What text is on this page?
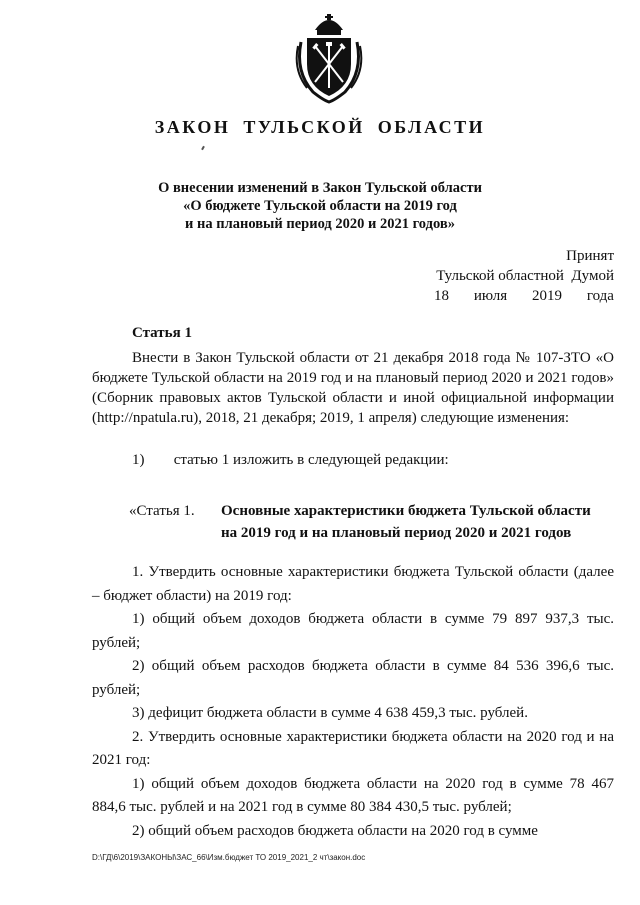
ЗАКОН ТУЛЬСКОЙ ОБЛАСТИ
О внесении изменений в Закон Тульской области
«О бюджете Тульской области на 2019 год
и на плановый период 2020 и 2021 годов»
Принят
Тульской областной  Думой
18 июля 2019 года
Статья 1
Внести в Закон Тульской области от 21 декабря 2018 года № 107-ЗТО «О бюджете Тульской области на 2019 год и на плановый период 2020 и 2021 годов» (Сборник правовых актов Тульской области и иной официальной информации (http://npatula.ru), 2018, 21 декабря; 2019, 1 апреля) следующие изменения:
1) статью 1 изложить в следующей редакции:
«Статья 1. Основные характеристики бюджета Тульской области
на 2019 год и на плановый период 2020 и 2021 годов

1. Утвердить основные характеристики бюджета Тульской области (далее – бюджет области) на 2019 год:

1) общий объем доходов бюджета области в сумме 79 897 937,3 тыс. рублей;

2) общий объем расходов бюджета области в сумме 84 536 396,6 тыс. рублей;

3) дефицит бюджета области в сумме 4 638 459,3 тыс. рублей.

2. Утвердить основные характеристики бюджета области на 2020 год и на 2021 год:

1) общий объем доходов бюджета области на 2020 год в сумме 78 467 884,6 тыс. рублей и на 2021 год в сумме 80 384 430,5 тыс. рублей;

2) общий объем расходов бюджета области на 2020 год в сумме

D:\ГД\6\2019\ЗАКОНЫ\ЗАС_66\Изм.бюджет ТО 2019_2021_2 чт\закон.doc
